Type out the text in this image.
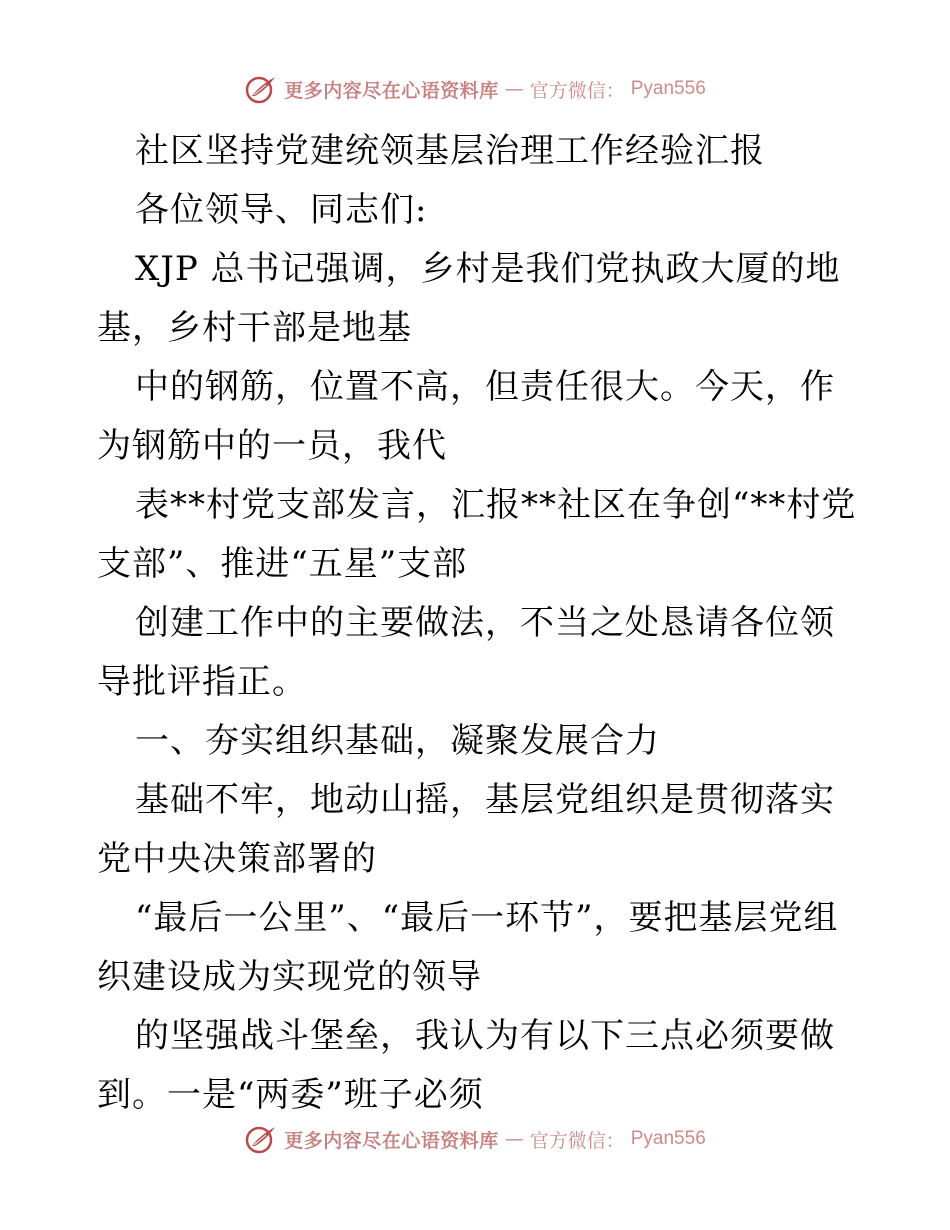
更多内容尽在心语资料库 — 官方微信： Pyan556

社区坚持党建统领基层治理工作经验汇报

各位领导、同志们:

XJP 总书记强调，乡村是我们党执政大厦的地基，乡村干部是地基

中的钢筋，位置不高，但责任很大。今天，作为钢筋中的一员，我代

表**村党支部发言，汇报**社区在争创“**村党支部”、推进“五星”支部

创建工作中的主要做法，不当之处恳请各位领导批评指正。

一、夯实组织基础，凝聚发展合力

基础不牢，地动山摇，基层党组织是贯彻落实党中央决策部署的

“最后一公里”、“最后一环节”，要把基层党组织建设成为实现党的领导

的坚强战斗堡垒，我认为有以下三点必须要做到。一是“两委”班子必须

更多内容尽在心语资料库 — 官方微信： Pyan556
